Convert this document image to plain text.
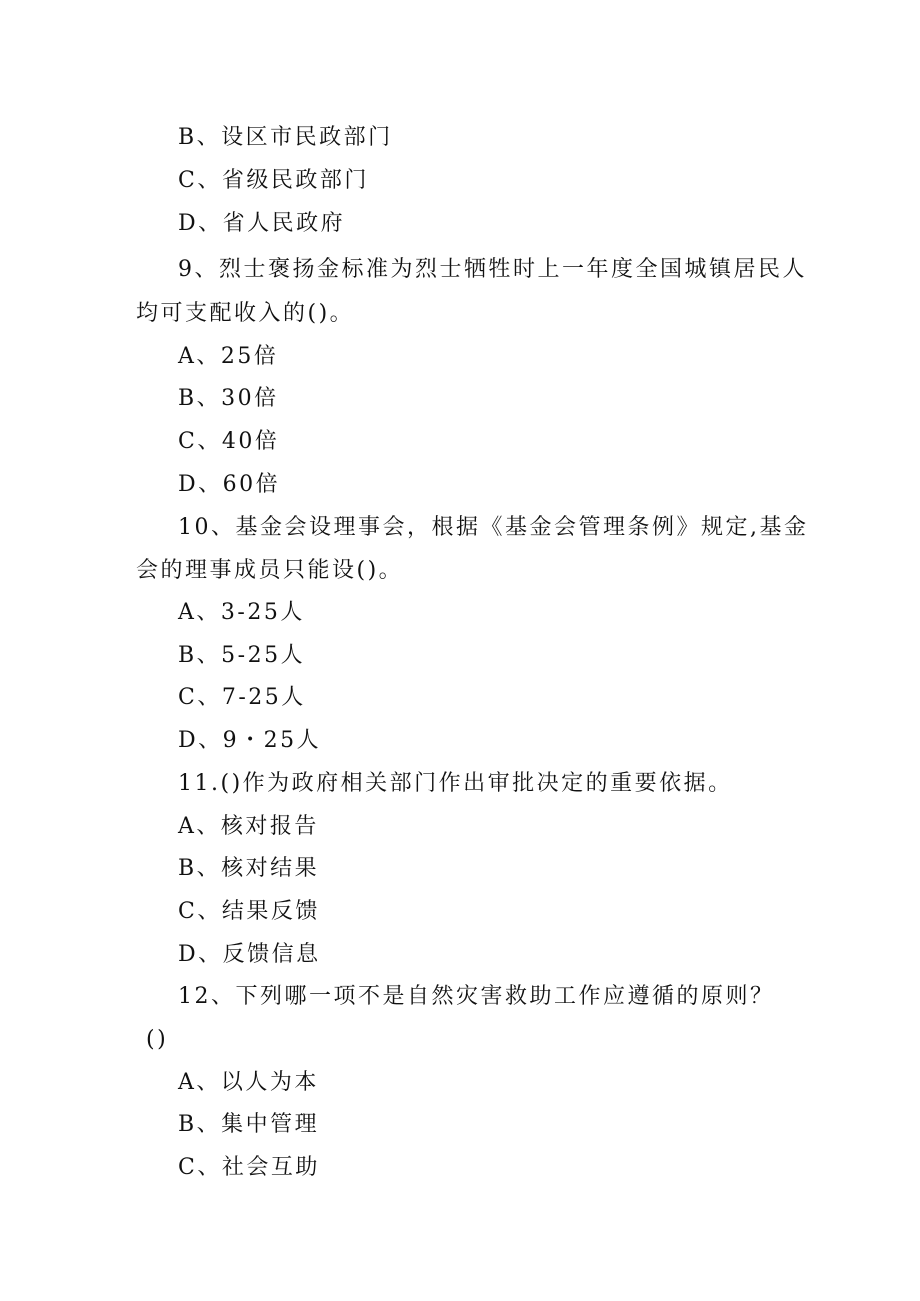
B、设区市民政部门
C、省级民政部门
D、省人民政府
9、烈士褒扬金标准为烈士牺牲时上一年度全国城镇居民人
均可支配收入的()。
A、25倍
B、30倍
C、40倍
D、60倍
10、基金会设理事会，根据《基金会管理条例》规定,基金
会的理事成员只能设()。
A、3-25人
B、5-25人
C、7-25人
D、9・25人
11.()作为政府相关部门作出审批决定的重要依据。
A、核对报告
B、核对结果
C、结果反馈
D、反馈信息
12、下列哪一项不是自然灾害救助工作应遵循的原则？
()
A、以人为本
B、集中管理
C、社会互助
